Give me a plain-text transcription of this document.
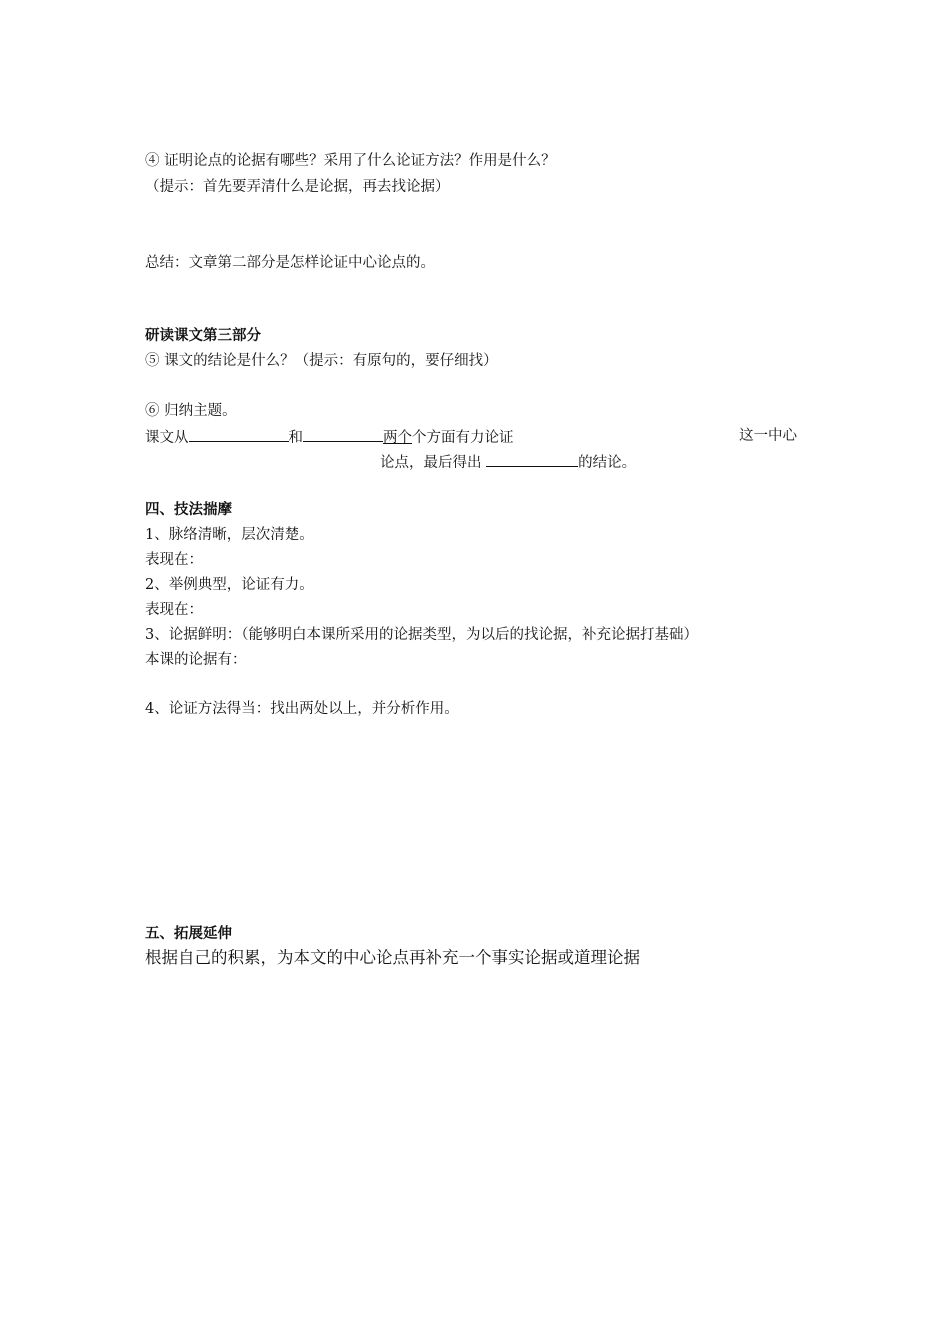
④ 证明论点的论据有哪些？采用了什么论证方法？作用是什么？
（提示：首先要弄清什么是论据，再去找论据）
总结：文章第二部分是怎样论证中心论点的。
研读课文第三部分
⑤ 课文的结论是什么？（提示：有原句的，要仔细找）
⑥ 归纳主题。
课文从	和	两个个方面有力论证	这一中心
论点，最后得出	的结论。
四、技法揣摩
1、脉络清晰，层次清楚。
表现在：
2、举例典型，论证有力。
表现在：
3、论据鲜明：（能够明白本课所采用的论据类型，为以后的找论据，补充论据打基础）
本课的论据有：
4、论证方法得当：找出两处以上，并分析作用。
五、拓展延伸
根据自己的积累，为本文的中心论点再补充一个事实论据或道理论据
